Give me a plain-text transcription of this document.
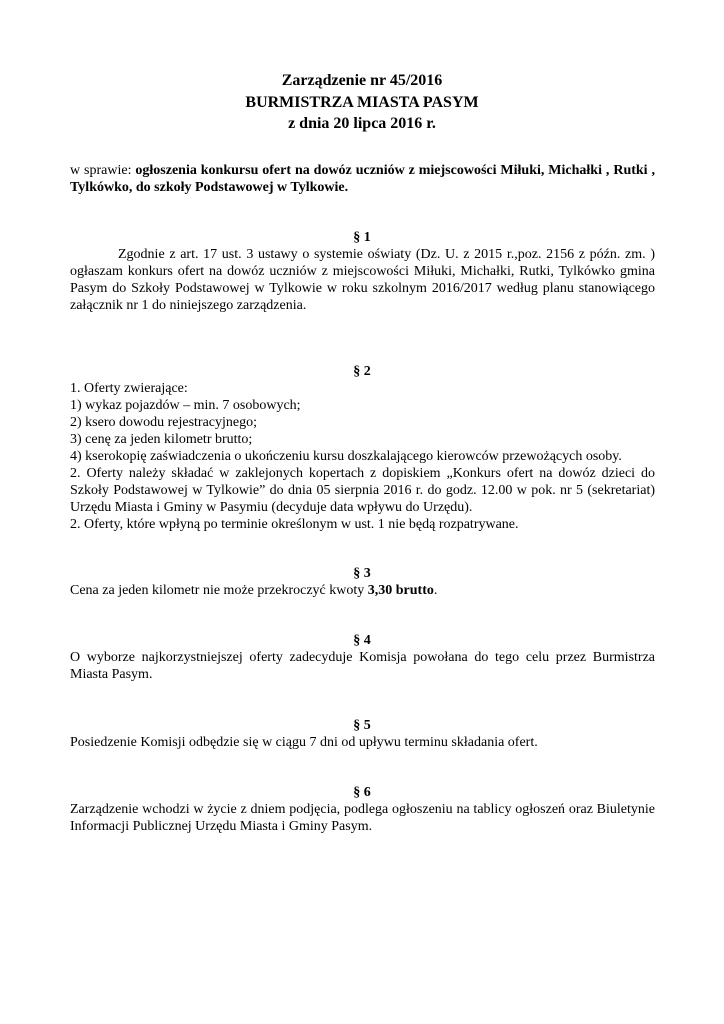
Zarządzenie nr 45/2016
BURMISTRZA MIASTA PASYM
z dnia 20 lipca 2016 r.
w sprawie: ogłoszenia konkursu ofert na dowóz uczniów z miejscowości Miłuki, Michałki , Rutki , Tylkówko, do szkoły Podstawowej w Tylkowie.
§ 1
Zgodnie z art. 17 ust. 3 ustawy o systemie oświaty (Dz. U. z 2015 r.,poz. 2156 z późn. zm. ) ogłaszam konkurs ofert na dowóz uczniów z miejscowości Miłuki, Michałki, Rutki, Tylkówko gmina Pasym do Szkoły Podstawowej w Tylkowie w roku szkolnym 2016/2017 według planu stanowiącego załącznik nr 1 do niniejszego zarządzenia.
§ 2
1. Oferty zwierające:
1) wykaz pojazdów – min. 7 osobowych;
2) ksero dowodu rejestracyjnego;
3) cenę za jeden kilometr brutto;
4) kserokopię zaświadczenia o ukończeniu kursu doszkalającego kierowców przewożących osoby.
2. Oferty należy składać w zaklejonych kopertach z dopiskiem „Konkurs ofert na dowóz dzieci do Szkoły Podstawowej w Tylkowie” do dnia 05 sierpnia 2016 r. do godz. 12.00 w pok. nr 5 (sekretariat) Urzędu Miasta i Gminy w Pasymiu (decyduje data wpływu do Urzędu).
2. Oferty, które wpłyną po terminie określonym w ust. 1 nie będą rozpatrywane.
§ 3
Cena za jeden kilometr nie może przekroczyć kwoty 3,30 brutto.
§ 4
O wyborze najkorzystniejszej oferty zadecyduje Komisja powołana do tego celu przez Burmistrza Miasta Pasym.
§ 5
Posiedzenie Komisji odbędzie się w ciągu 7 dni od upływu terminu składania ofert.
§ 6
Zarządzenie wchodzi w życie z dniem podjęcia, podlega ogłoszeniu na tablicy ogłoszeń oraz Biuletynie Informacji Publicznej Urzędu Miasta i Gminy Pasym.
